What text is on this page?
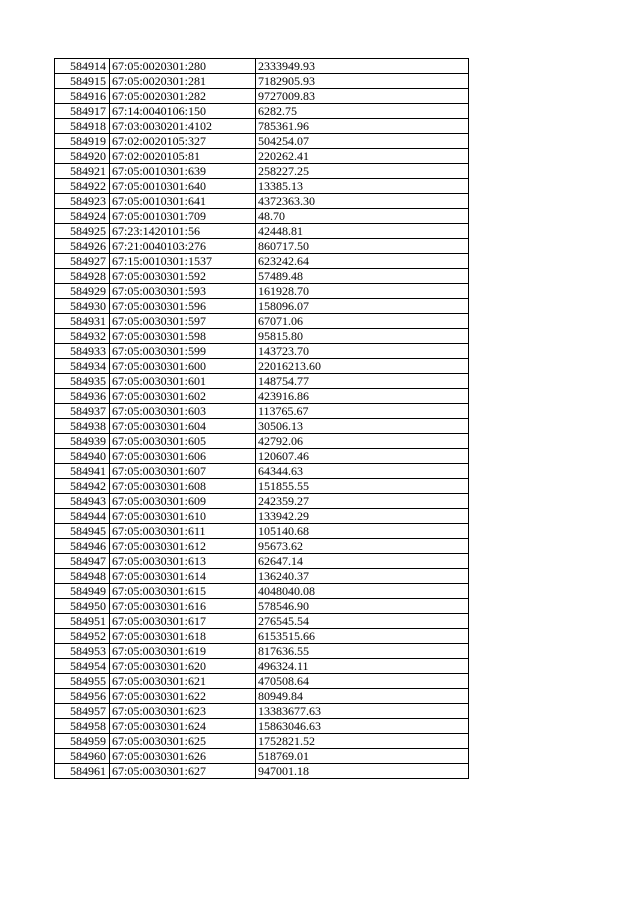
584914	67:05:0020301:280	2333949.93
584915	67:05:0020301:281	7182905.93
584916	67:05:0020301:282	9727009.83
584917	67:14:0040106:150	6282.75
584918	67:03:0030201:4102	785361.96
584919	67:02:0020105:327	504254.07
584920	67:02:0020105:81	220262.41
584921	67:05:0010301:639	258227.25
584922	67:05:0010301:640	13385.13
584923	67:05:0010301:641	4372363.30
584924	67:05:0010301:709	48.70
584925	67:23:1420101:56	42448.81
584926	67:21:0040103:276	860717.50
584927	67:15:0010301:1537	623242.64
584928	67:05:0030301:592	57489.48
584929	67:05:0030301:593	161928.70
584930	67:05:0030301:596	158096.07
584931	67:05:0030301:597	67071.06
584932	67:05:0030301:598	95815.80
584933	67:05:0030301:599	143723.70
584934	67:05:0030301:600	22016213.60
584935	67:05:0030301:601	148754.77
584936	67:05:0030301:602	423916.86
584937	67:05:0030301:603	113765.67
584938	67:05:0030301:604	30506.13
584939	67:05:0030301:605	42792.06
584940	67:05:0030301:606	120607.46
584941	67:05:0030301:607	64344.63
584942	67:05:0030301:608	151855.55
584943	67:05:0030301:609	242359.27
584944	67:05:0030301:610	133942.29
584945	67:05:0030301:611	105140.68
584946	67:05:0030301:612	95673.62
584947	67:05:0030301:613	62647.14
584948	67:05:0030301:614	136240.37
584949	67:05:0030301:615	4048040.08
584950	67:05:0030301:616	578546.90
584951	67:05:0030301:617	276545.54
584952	67:05:0030301:618	6153515.66
584953	67:05:0030301:619	817636.55
584954	67:05:0030301:620	496324.11
584955	67:05:0030301:621	470508.64
584956	67:05:0030301:622	80949.84
584957	67:05:0030301:623	13383677.63
584958	67:05:0030301:624	15863046.63
584959	67:05:0030301:625	1752821.52
584960	67:05:0030301:626	518769.01
584961	67:05:0030301:627	947001.18
